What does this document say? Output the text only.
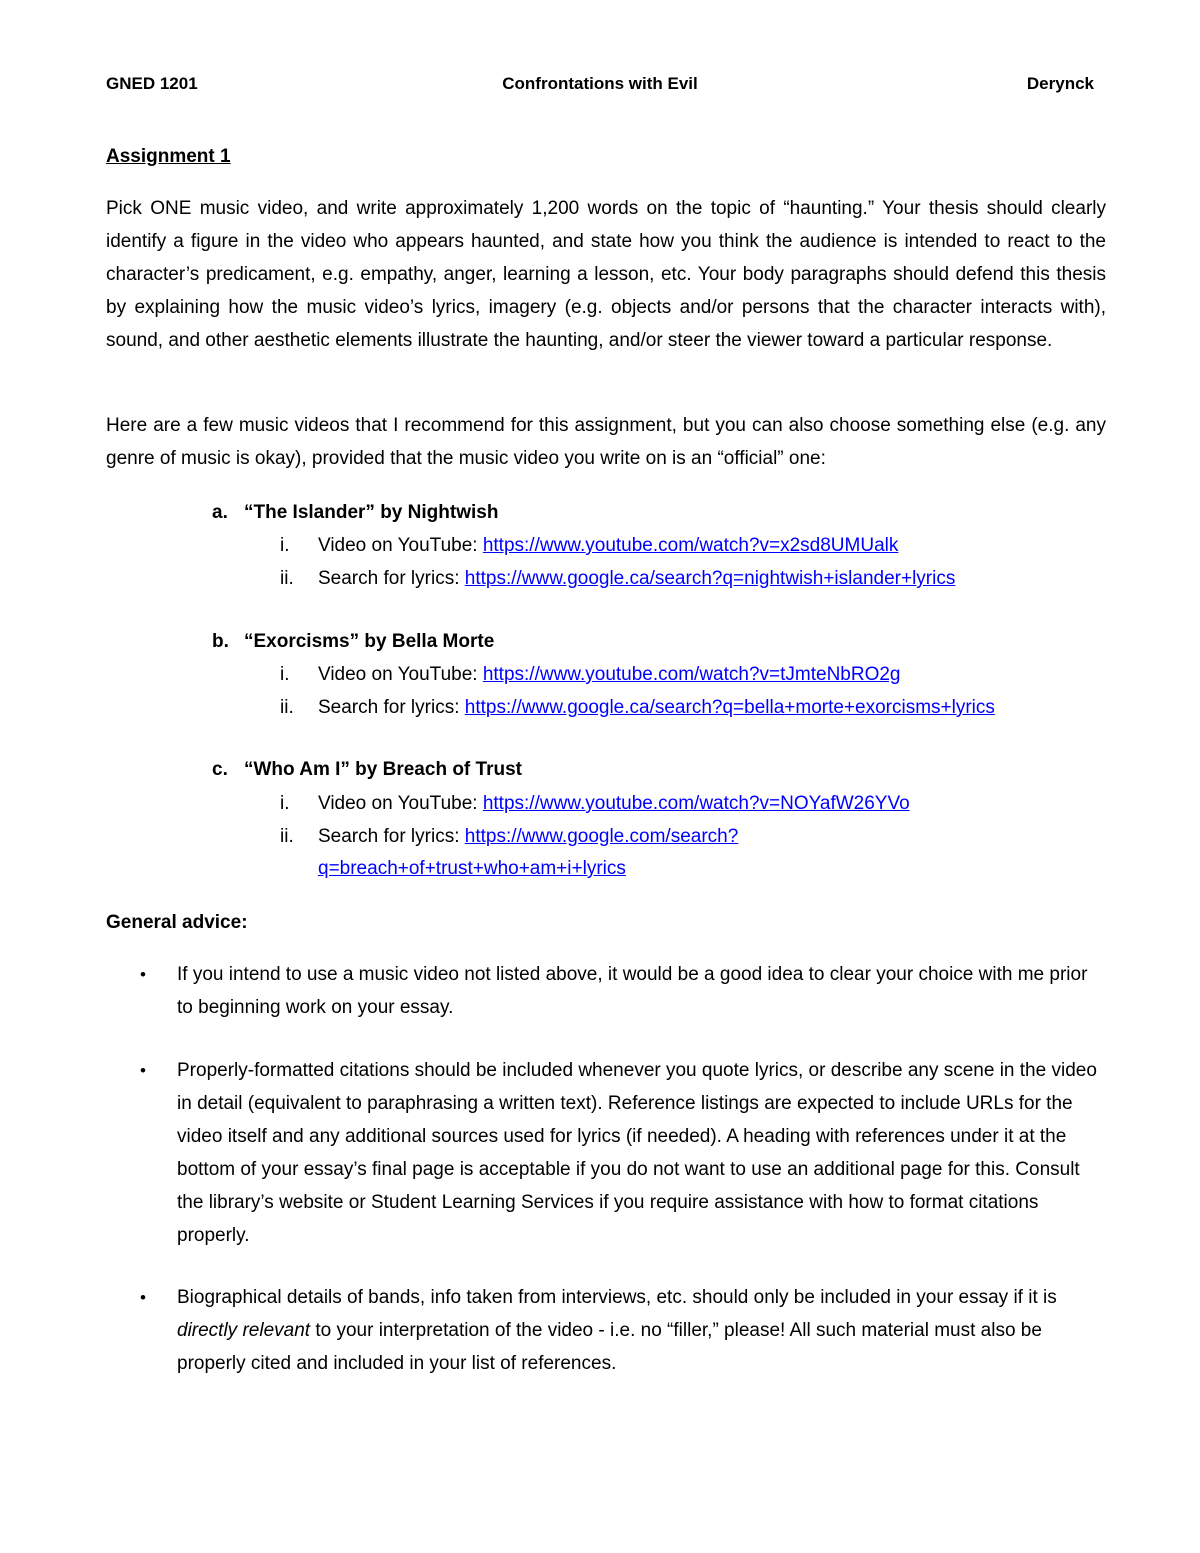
GNED 1201	Confrontations with Evil	Derynck
Assignment 1
Pick ONE music video, and write approximately 1,200 words on the topic of “haunting.” Your thesis should clearly identify a figure in the video who appears haunted, and state how you think the audience is intended to react to the character’s predicament, e.g. empathy, anger, learning a lesson, etc. Your body paragraphs should defend this thesis by explaining how the music video’s lyrics, imagery (e.g. objects and/or persons that the character interacts with), sound, and other aesthetic elements illustrate the haunting, and/or steer the viewer toward a particular response.
Here are a few music videos that I recommend for this assignment, but you can also choose something else (e.g. any genre of music is okay), provided that the music video you write on is an “official” one:
a. “The Islander” by Nightwish
i. Video on YouTube: https://www.youtube.com/watch?v=x2sd8UMUalk
ii. Search for lyrics: https://www.google.ca/search?q=nightwish+islander+lyrics
b. “Exorcisms” by Bella Morte
i. Video on YouTube: https://www.youtube.com/watch?v=tJmteNbRO2g
ii. Search for lyrics: https://www.google.ca/search?q=bella+morte+exorcisms+lyrics
c. “Who Am I” by Breach of Trust
i. Video on YouTube: https://www.youtube.com/watch?v=NOYafW26YVo
ii. Search for lyrics: https://www.google.com/search?
q=breach+of+trust+who+am+i+lyrics
General advice:
• If you intend to use a music video not listed above, it would be a good idea to clear your choice with me prior to beginning work on your essay.
• Properly-formatted citations should be included whenever you quote lyrics, or describe any scene in the video in detail (equivalent to paraphrasing a written text). Reference listings are expected to include URLs for the video itself and any additional sources used for lyrics (if needed). A heading with references under it at the bottom of your essay’s final page is acceptable if you do not want to use an additional page for this. Consult the library’s website or Student Learning Services if you require assistance with how to format citations properly.
• Biographical details of bands, info taken from interviews, etc. should only be included in your essay if it is directly relevant to your interpretation of the video - i.e. no “filler,” please! All such material must also be properly cited and included in your list of references.
